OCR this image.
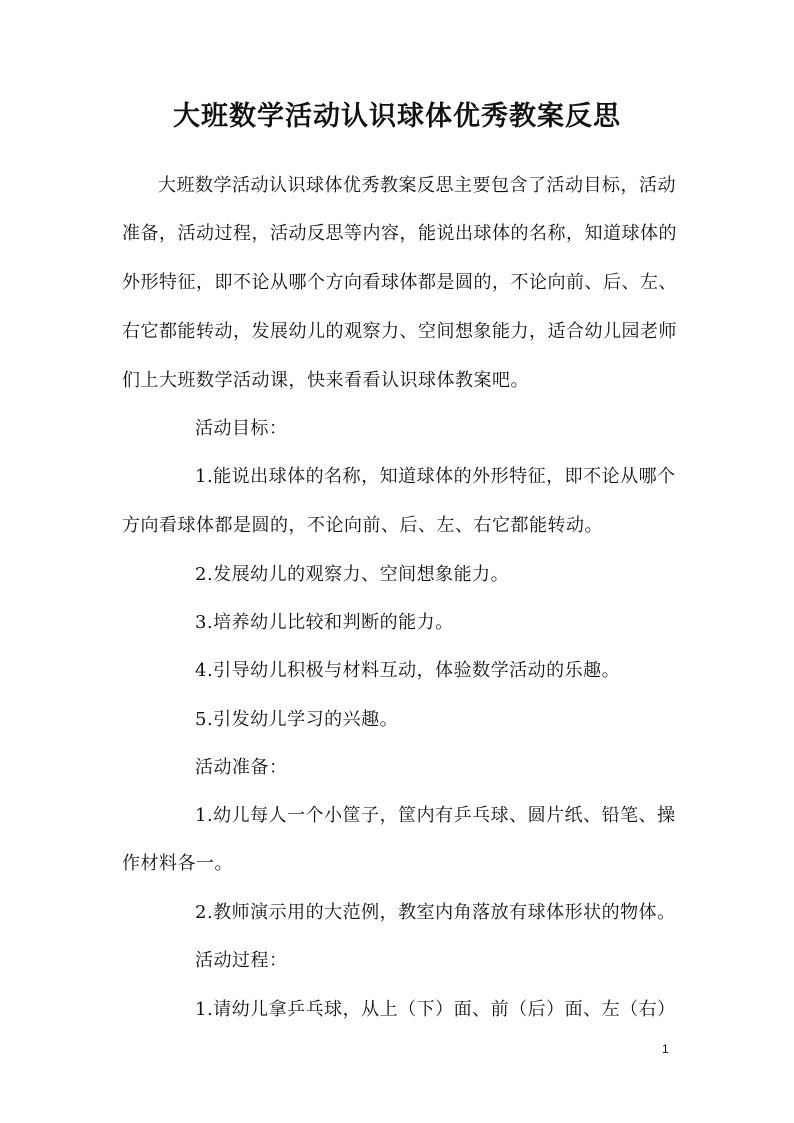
大班数学活动认识球体优秀教案反思
大班数学活动认识球体优秀教案反思主要包含了活动目标，活动
准备，活动过程，活动反思等内容，能说出球体的名称，知道球体的
外形特征，即不论从哪个方向看球体都是圆的，不论向前、后、左、
右它都能转动，发展幼儿的观察力、空间想象能力，适合幼儿园老师
们上大班数学活动课，快来看看认识球体教案吧。
活动目标：
1.能说出球体的名称，知道球体的外形特征，即不论从哪个
方向看球体都是圆的，不论向前、后、左、右它都能转动。
2.发展幼儿的观察力、空间想象能力。
3.培养幼儿比较和判断的能力。
4.引导幼儿积极与材料互动，体验数学活动的乐趣。
5.引发幼儿学习的兴趣。
活动准备：
1.幼儿每人一个小筐子，筐内有乒乓球、圆片纸、铅笔、操
作材料各一。
2.教师演示用的大范例，教室内角落放有球体形状的物体。
活动过程：
1.请幼儿拿乒乓球，从上（下）面、前（后）面、左（右）
1
